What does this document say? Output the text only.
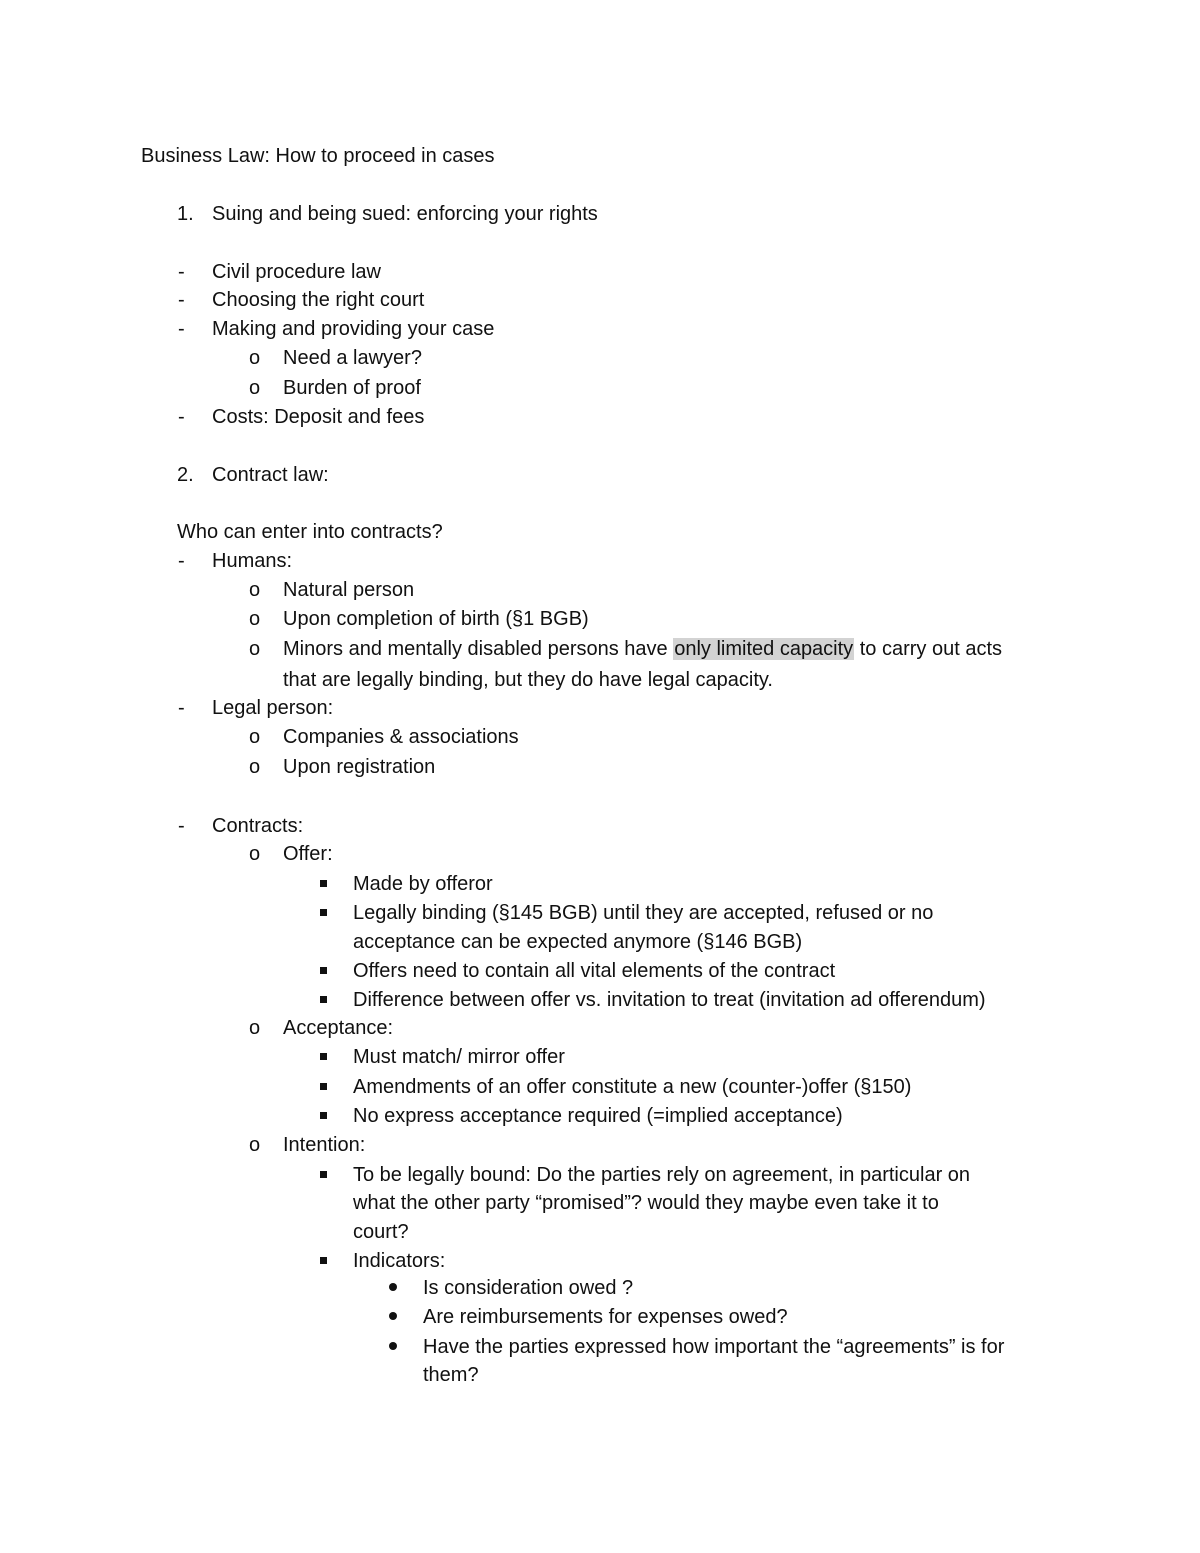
Business Law: How to proceed in cases
1. Suing and being sued: enforcing your rights
- Civil procedure law
- Choosing the right court
- Making and providing your case
o Need a lawyer?
o Burden of proof
- Costs: Deposit and fees
2. Contract law:
Who can enter into contracts?
- Humans:
o Natural person
o Upon completion of birth (§1 BGB)
o Minors and mentally disabled persons have only limited capacity to carry out acts
that are legally binding, but they do have legal capacity.
- Legal person:
o Companies & associations
o Upon registration
- Contracts:
o Offer:
Made by offeror
Legally binding (§145 BGB) until they are accepted, refused or no
acceptance can be expected anymore (§146 BGB)
Offers need to contain all vital elements of the contract
Difference between offer vs. invitation to treat (invitation ad offerendum)
o Acceptance:
Must match/ mirror offer
Amendments of an offer constitute a new (counter-)offer (§150)
No express acceptance required (=implied acceptance)
o Intention:
To be legally bound: Do the parties rely on agreement, in particular on
what the other party “promised”? would they maybe even take it to
court?
Indicators:
Is consideration owed ?
Are reimbursements for expenses owed?
Have the parties expressed how important the “agreements” is for
them?
